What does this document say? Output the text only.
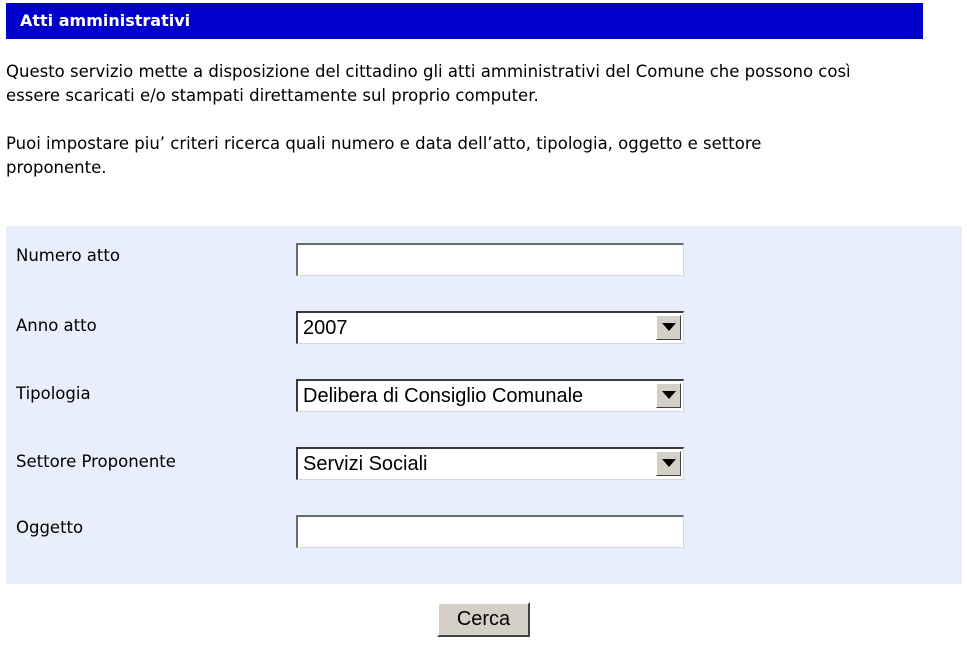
Atti amministrativi

Questo servizio mette a disposizione del cittadino gli atti amministrativi del Comune che possono così
essere scaricati e/o stampati direttamente sul proprio computer.

Puoi impostare piu’ criteri ricerca quali numero e data dell’atto, tipologia, oggetto e settore
proponente.

Numero atto
Anno atto	2007
Tipologia	Delibera di Consiglio Comunale
Settore Proponente	Servizi Sociali
Oggetto
Cerca
